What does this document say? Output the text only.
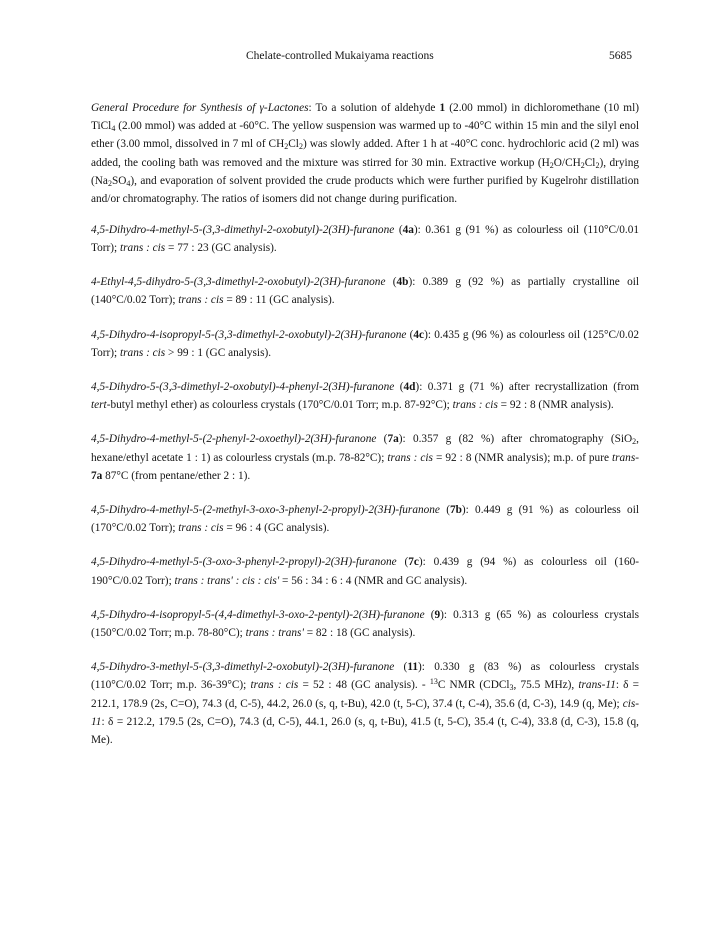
Chelate-controlled Mukaiyama reactions	5685

General Procedure for Synthesis of γ-Lactones: To a solution of aldehyde 1 (2.00 mmol) in dichloromethane (10 ml) TiCl$_4$ (2.00 mmol) was added at -60°C. The yellow suspension was warmed up to -40°C within 15 min and the silyl enol ether (3.00 mmol, dissolved in 7 ml of $CH_2Cl_2$) was slowly added. After 1 h at -40°C conc. hydrochloric acid (2 ml) was added, the cooling bath was removed and the mixture was stirred for 30 min. Extractive workup $(H_2O/CH_2Cl_2)$, drying $(Na_2SO_4)$, and evaporation of solvent provided the crude products which were further purified by Kugelrohr distillation and/or chromatography. The ratios of isomers did not change during purification.

4,5-Dihydro-4-methyl-5-(3,3-dimethyl-2-oxobutyl)-2(3H)-furanone (4a): 0.361 g (91 %) as colourless oil (110°C/0.01 Torr); trans : cis = 77 : 23 (GC analysis).

4-Ethyl-4,5-dihydro-5-(3,3-dimethyl-2-oxobutyl)-2(3H)-furanone (4b): 0.389 g (92 %) as partially crystalline oil (140°C/0.02 Torr); trans : cis = 89 : 11 (GC analysis).

4,5-Dihydro-4-isopropyl-5-(3,3-dimethyl-2-oxobutyl)-2(3H)-furanone (4c): 0.435 g (96 %) as colourless oil (125°C/0.02 Torr); trans : cis > 99 : 1 (GC analysis).

4,5-Dihydro-5-(3,3-dimethyl-2-oxobutyl)-4-phenyl-2(3H)-furanone (4d): 0.371 g (71 %) after recrystallization (from tert-butyl methyl ether) as colourless crystals (170°C/0.01 Torr; m.p. 87-92°C); trans : cis = 92 : 8 (NMR analysis).

4,5-Dihydro-4-methyl-5-(2-phenyl-2-oxoethyl)-2(3H)-furanone (7a): 0.357 g (82 %) after chromatography (SiO$_2$, hexane/ethyl acetate 1 : 1) as colourless crystals (m.p. 78-82°C); trans : cis = 92 : 8 (NMR analysis); m.p. of pure trans-7a 87°C (from pentane/ether 2 : 1).

4,5-Dihydro-4-methyl-5-(2-methyl-3-oxo-3-phenyl-2-propyl)-2(3H)-furanone (7b): 0.449 g (91 %) as colourless oil (170°C/0.02 Torr); trans : cis = 96 : 4 (GC analysis).

4,5-Dihydro-4-methyl-5-(3-oxo-3-phenyl-2-propyl)-2(3H)-furanone (7c): 0.439 g (94 %) as colourless oil (160-190°C/0.02 Torr); trans : trans' : cis : cis' = 56 : 34 : 6 : 4 (NMR and GC analysis).

4,5-Dihydro-4-isopropyl-5-(4,4-dimethyl-3-oxo-2-pentyl)-2(3H)-furanone (9): 0.313 g (65 %) as colourless crystals (150°C/0.02 Torr; m.p. 78-80°C); trans : trans' = 82 : 18 (GC analysis).

4,5-Dihydro-3-methyl-5-(3,3-dimethyl-2-oxobutyl)-2(3H)-furanone (11): 0.330 g (83 %) as colourless crystals (110°C/0.02 Torr; m.p. 36-39°C); trans : cis = 52 : 48 (GC analysis). - $^{13}$C NMR (CDCl$_3$, 75.5 MHz), trans-11: δ = 212.1, 178.9 (2s, C=O), 74.3 (d, C-5), 44.2, 26.0 (s, q, t-Bu), 42.0 (t, 5-C), 37.4 (t, C-4), 35.6 (d, C-3), 14.9 (q, Me); cis-11: δ = 212.2, 179.5 (2s, C=O), 74.3 (d, C-5), 44.1, 26.0 (s, q, t-Bu), 41.5 (t, 5-C), 35.4 (t, C-4), 33.8 (d, C-3), 15.8 (q, Me).
